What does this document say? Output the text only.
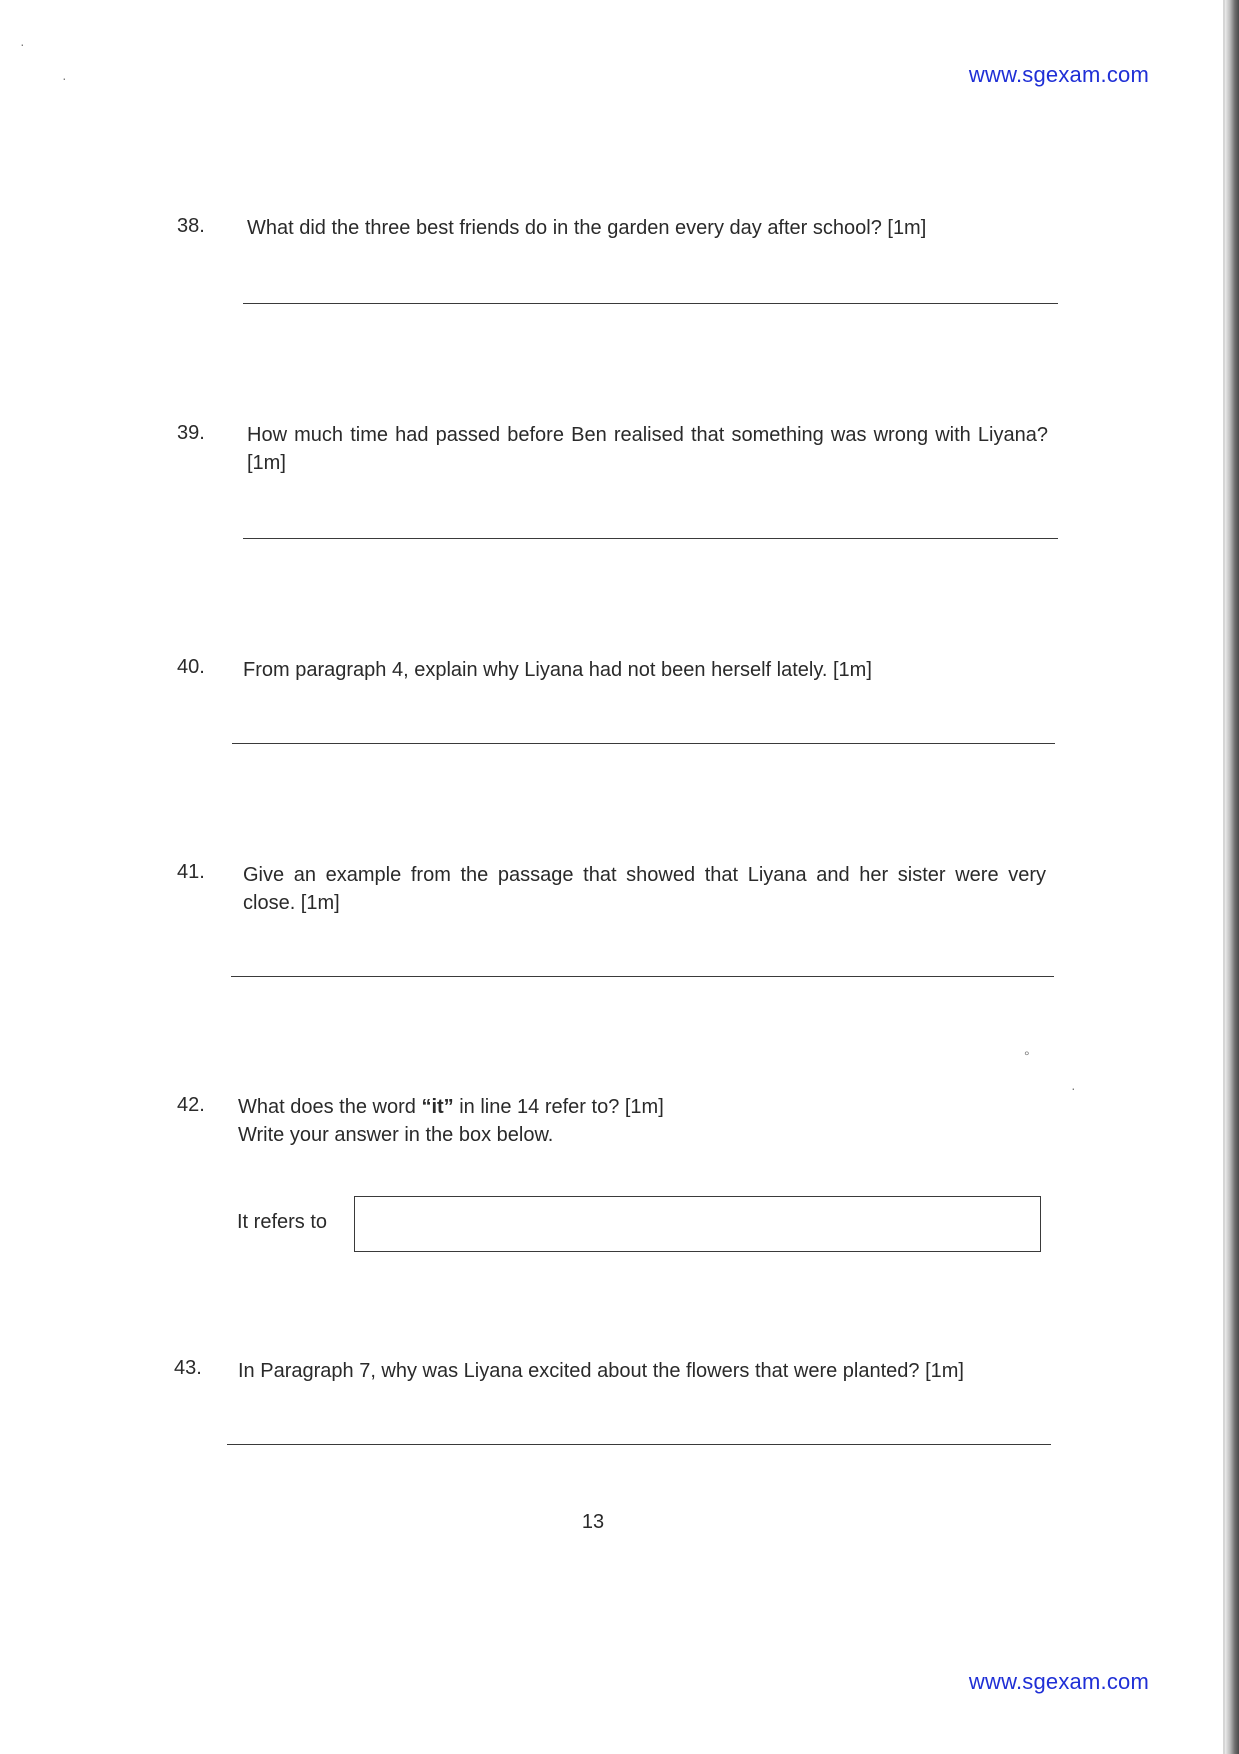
www.sgexam.com
38. What did the three best friends do in the garden every day after school? [1m]
39. How much time had passed before Ben realised that something was wrong with Liyana? [1m]
40. From paragraph 4, explain why Liyana had not been herself lately. [1m]
41. Give an example from the passage that showed that Liyana and her sister were very close. [1m]
42. What does the word “it” in line 14 refer to? [1m]
Write your answer in the box below.
It refers to
43. In Paragraph 7, why was Liyana excited about the flowers that were planted? [1m]
13
www.sgexam.com
°
·
·
·
